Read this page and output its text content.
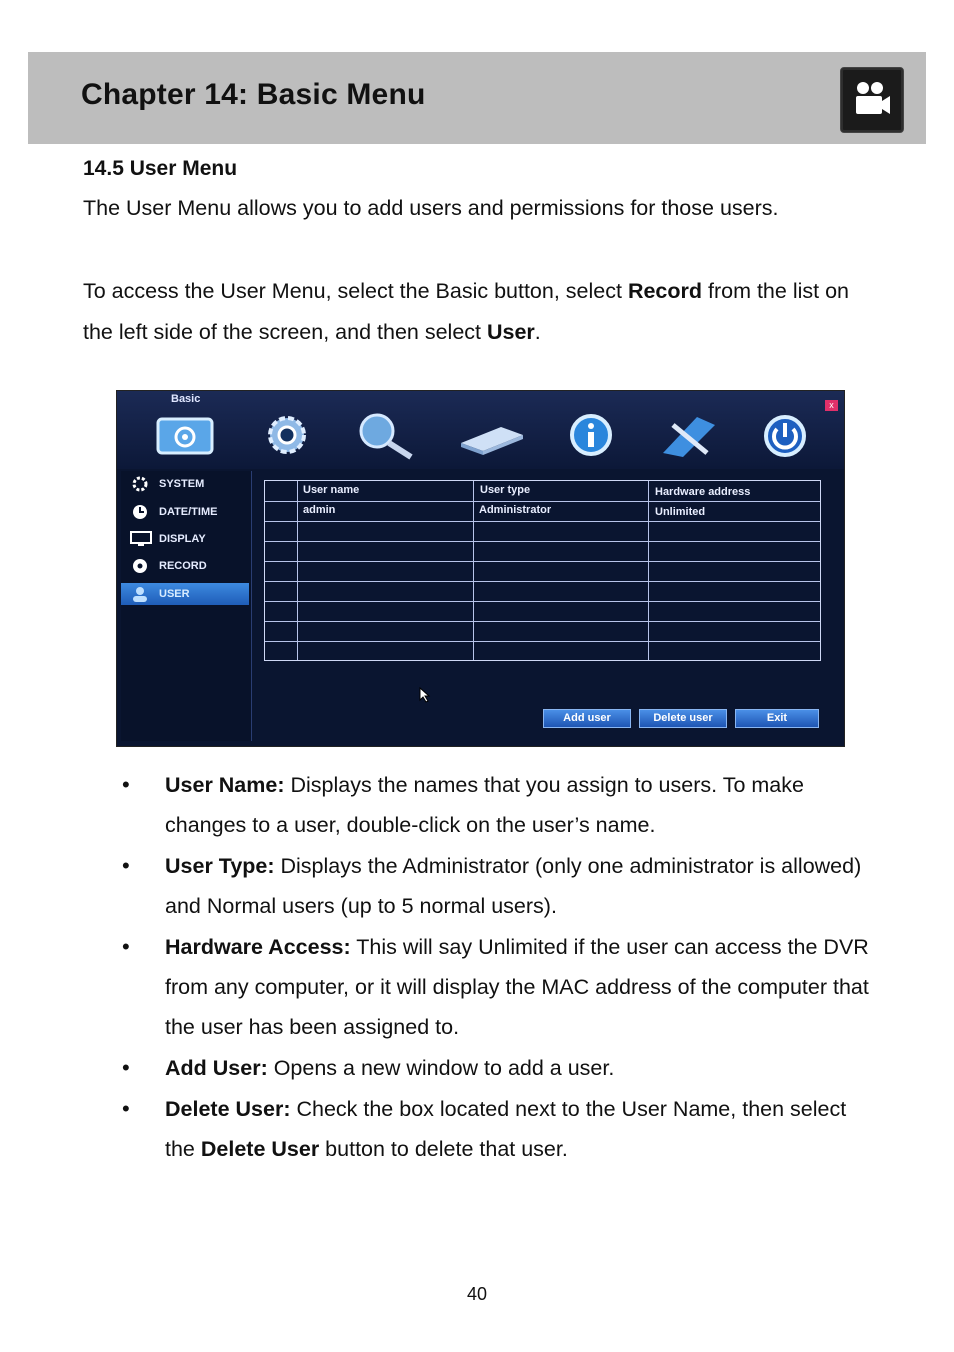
Chapter 14: Basic Menu
14.5 User Menu

The User Menu allows you to add users and permissions for those users.

To access the User Menu, select the Basic button, select Record from the list on the left side of the screen, and then select User.

Basic	x
SYSTEM
DATE/TIME
DISPLAY
RECORD
USER
User name	User type	Hardware address
admin	Administrator	Unlimited
Add user	Delete user	Exit
• User Name: Displays the names that you assign to users. To make changes to a user, double-click on the user’s name.
• User Type: Displays the Administrator (only one administrator is allowed) and Normal users (up to 5 normal users).
• Hardware Access: This will say Unlimited if the user can access the DVR from any computer, or it will display the MAC address of the computer that the user has been assigned to.
• Add User: Opens a new window to add a user.
• Delete User: Check the box located next to the User Name, then select the Delete User button to delete that user.
40
